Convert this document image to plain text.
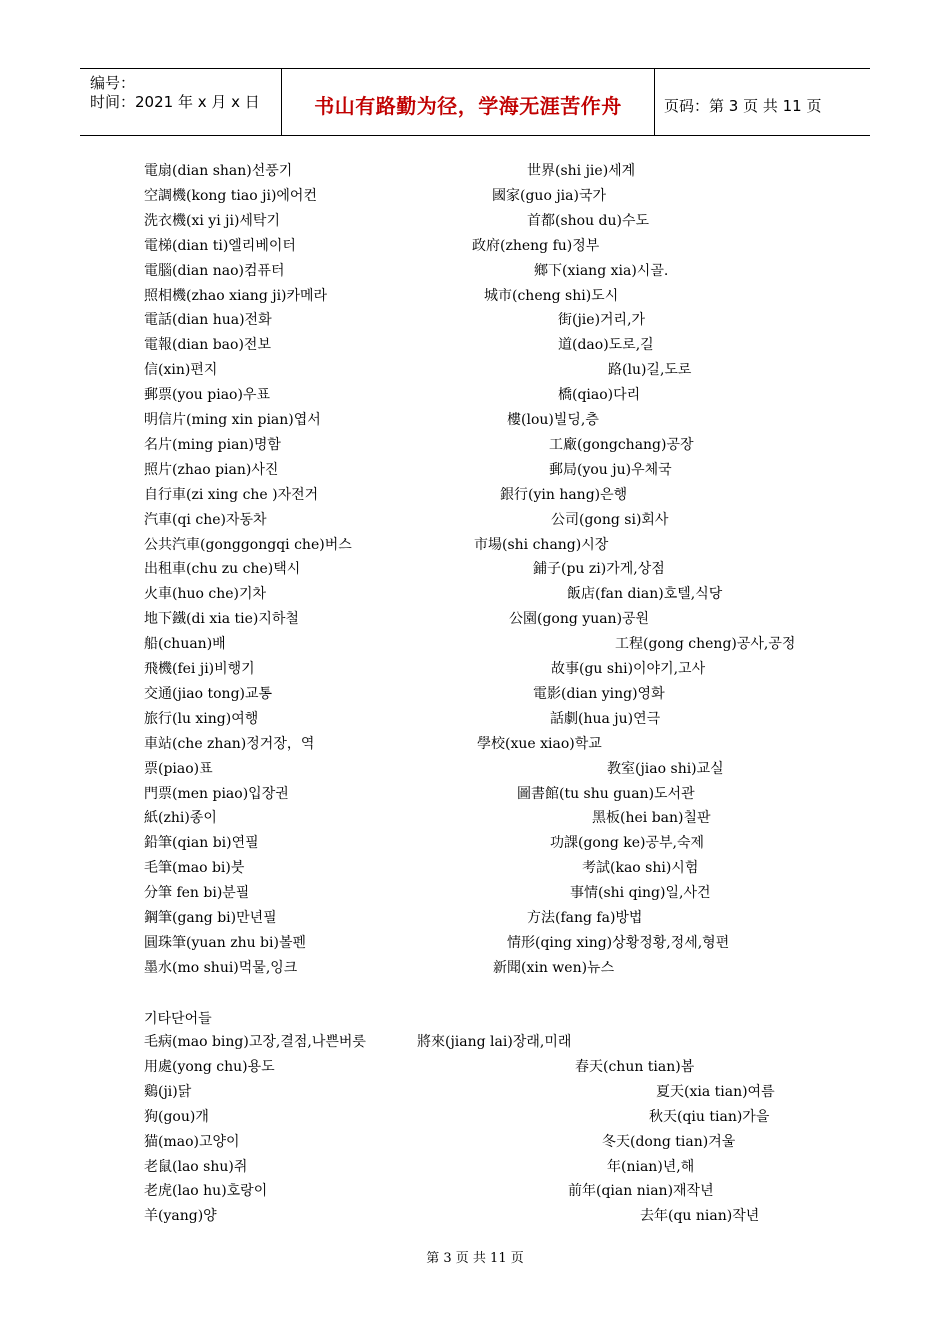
编号：
时间：2021 年 x 月 x 日	书山有路勤为径，学海无涯苦作舟	页码：第 3 页 共 11 页
電扇(dian shan)선풍기
空調機(kong tiao ji)에어컨
洗衣機(xi yi ji)세탁기
電梯(dian ti)엘리베이터
電腦(dian nao)컴퓨터
照相機(zhao xiang ji)카메라
電話(dian hua)전화
電報(dian bao)전보
信(xin)편지
郵票(you piao)우표
明信片(ming xin pian)엽서
名片(ming pian)명함
照片(zhao pian)사진
自行車(zi xing che )자전거
汽車(qi che)자동차
公共汽車(gonggongqi che)버스
出租車(chu zu che)택시
火車(huo che)기차
地下鐵(di xia tie)지하철
船(chuan)배
飛機(fei ji)비행기
交通(jiao tong)교통
旅行(lu xing)여행
車站(che zhan)정거장，역
票(piao)표
門票(men piao)입장권
紙(zhi)종이
鉛筆(qian bi)연필
毛筆(mao bi)붓
分筆 fen bi)분필
鋼筆(gang bi)만년필
圓珠筆(yuan zhu bi)볼펜
墨水(mo shui)먹물,잉크
世界(shi jie)세계
國家(guo jia)국가
首都(shou du)수도
政府(zheng fu)정부
鄉下(xiang xia)시골.
城市(cheng shi)도시
街(jie)거리,가
道(dao)도로,길
路(lu)길,도로
橋(qiao)다리
樓(lou)빌딩,층
工廠(gongchang)공장
郵局(you ju)우체국
銀行(yin hang)은행
公司(gong si)회사
市場(shi chang)시장
鋪子(pu zi)가게,상점
飯店(fan dian)호텔,식당
公園(gong yuan)공원
工程(gong cheng)공사,공정
故事(gu shi)이야기,고사
電影(dian ying)영화
話劇(hua ju)연극
學校(xue xiao)학교
教室(jiao shi)교실
圖書館(tu shu guan)도서관
黑板(hei ban)칠판
功課(gong ke)공부,숙제
考試(kao shi)시험
事情(shi qing)일,사건
方法(fang fa)방법
情形(qing xing)상황정황,정세,형편
新聞(xin wen)뉴스
毛病(mao bing)고장,결점,나쁜버릇
用處(yong chu)용도
鷄(ji)닭
狗(gou)개
猫(mao)고양이
老鼠(lao shu)쥐
老虎(lao hu)호랑이
羊(yang)양
將來(jiang lai)장래,미래
春天(chun tian)봄
夏天(xia tian)여름
秋天(qiu tian)가을
冬天(dong tian)겨울
年(nian)년,해
前年(qian nian)재작년
去年(qu nian)작년
기타단어들
第 3 页 共 11 页
